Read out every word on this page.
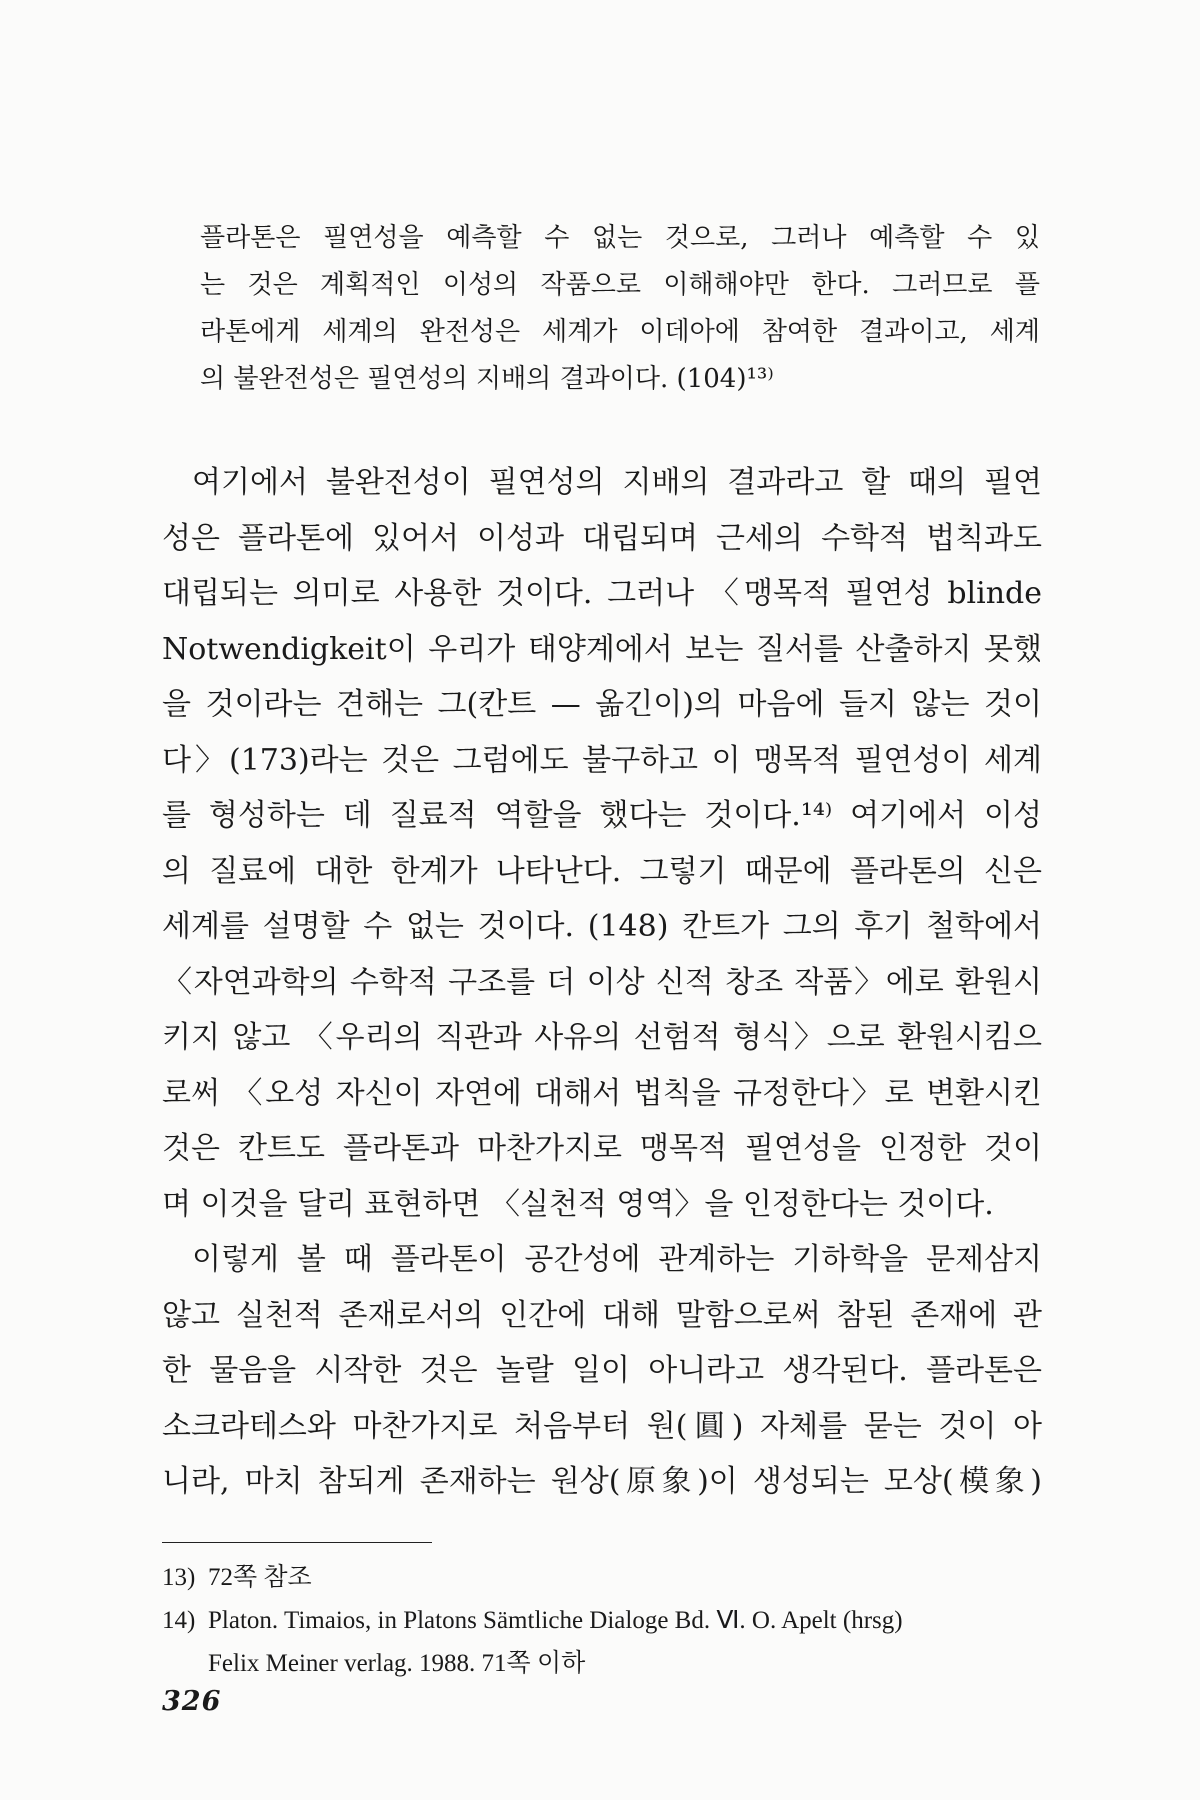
플라톤은 필연성을 예측할 수 없는 것으로, 그러나 예측할 수 있
는 것은 계획적인 이성의 작품으로 이해해야만 한다. 그러므로 플
라톤에게 세계의 완전성은 세계가 이데아에 참여한 결과이고, 세계
의 불완전성은 필연성의 지배의 결과이다. (104)¹³⁾
여기에서 불완전성이 필연성의 지배의 결과라고 할 때의 필연
성은 플라톤에 있어서 이성과 대립되며 근세의 수학적 법칙과도
대립되는 의미로 사용한 것이다. 그러나 〈맹목적 필연성 blinde
Notwendigkeit이 우리가 태양계에서 보는 질서를 산출하지 못했
을 것이라는 견해는 그(칸트 — 옮긴이)의 마음에 들지 않는 것이
다〉(173)라는 것은 그럼에도 불구하고 이 맹목적 필연성이 세계
를 형성하는 데 질료적 역할을 했다는 것이다.¹⁴⁾ 여기에서 이성
의 질료에 대한 한계가 나타난다. 그렇기 때문에 플라톤의 신은
세계를 설명할 수 없는 것이다. (148) 칸트가 그의 후기 철학에서
〈자연과학의 수학적 구조를 더 이상 신적 창조 작품〉에로 환원시
키지 않고 〈우리의 직관과 사유의 선험적 형식〉으로 환원시킴으
로써 〈오성 자신이 자연에 대해서 법칙을 규정한다〉로 변환시킨
것은 칸트도 플라톤과 마찬가지로 맹목적 필연성을 인정한 것이
며 이것을 달리 표현하면 〈실천적 영역〉을 인정한다는 것이다.
이렇게 볼 때 플라톤이 공간성에 관계하는 기하학을 문제삼지
않고 실천적 존재로서의 인간에 대해 말함으로써 참된 존재에 관
한 물음을 시작한 것은 놀랄 일이 아니라고 생각된다. 플라톤은
소크라테스와 마찬가지로 처음부터 원(圓) 자체를 묻는 것이 아
니라, 마치 참되게 존재하는 원상(原象)이 생성되는 모상(模象)
13) 72쪽 참조
14) Platon. Timaios, in Platons Sämtliche Dialoge Bd. Ⅵ. O. Apelt (hrsg)
Felix Meiner verlag. 1988. 71쪽 이하
326
